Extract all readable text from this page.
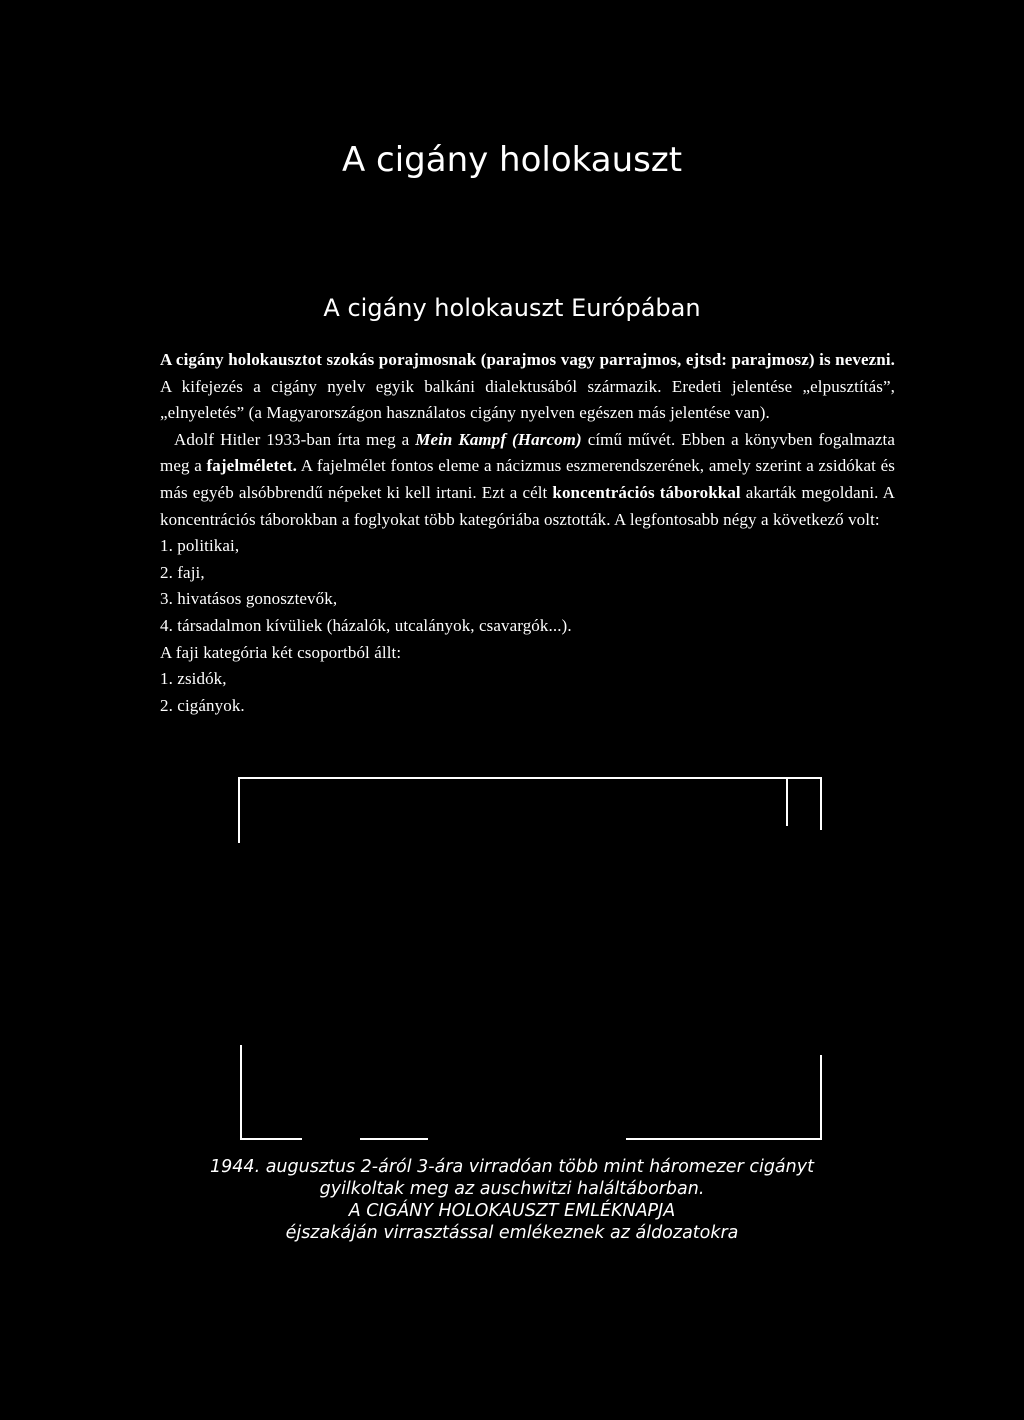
A cigány holokauszt
A cigány holokauszt Európában

A cigány holokausztot szokás porajmosnak (parajmos vagy parrajmos, ejtsd: parajmosz) is nevezni. A kifejezés a cigány nyelv egyik balkáni dialektusából származik. Eredeti jelentése „elpusztítás”, „elnyeletés” (a Magyarországon használatos cigány nyelven egészen más jelentése van).

Adolf Hitler 1933-ban írta meg a Mein Kampf (Harcom) című művét. Ebben a könyvben fogalmazta meg a fajelméletet. A fajelmélet fontos eleme a nácizmus eszmerendszerének, amely szerint a zsidókat és más egyéb alsóbbrendű népeket ki kell irtani. Ezt a célt koncentrációs táborokkal akarták megoldani. A koncentrációs táborokban a foglyokat több kategóriába osztották. A legfontosabb négy a következő volt:

1. politikai,
2. faji,
3. hivatásos gonosztevők,
4. társadalmon kívüliek (házalók, utcalányok, csavargók...).

A faji kategória két csoportból állt:

1. zsidók,
2. cigányok.
1944. augusztus 2-áról 3-ára virradóan több mint háromezer cigányt
gyilkoltak meg az auschwitzi haláltáborban.
A CIGÁNY HOLOKAUSZT EMLÉKNAPJA
éjszakáján virrasztással emlékeznek az áldozatokra
